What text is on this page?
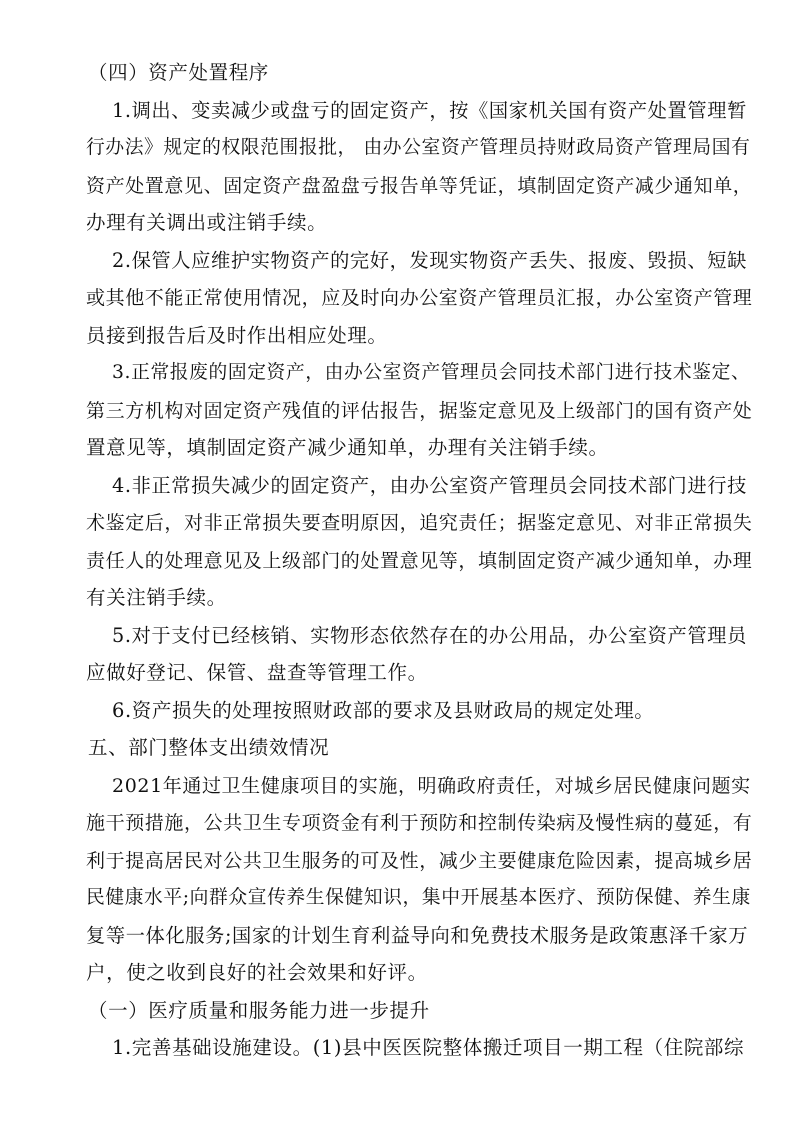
（四）资产处置程序
1.调出、变卖减少或盘亏的固定资产，按《国家机关国有资产处置管理暂
行办法》规定的权限范围报批， 由办公室资产管理员持财政局资产管理局国有
资产处置意见、固定资产盘盈盘亏报告单等凭证，填制固定资产减少通知单，
办理有关调出或注销手续。
2.保管人应维护实物资产的完好，发现实物资产丢失、报废、毁损、短缺
或其他不能正常使用情况，应及时向办公室资产管理员汇报，办公室资产管理
员接到报告后及时作出相应处理。
3.正常报废的固定资产，由办公室资产管理员会同技术部门进行技术鉴定、
第三方机构对固定资产残值的评估报告，据鉴定意见及上级部门的国有资产处
置意见等，填制固定资产减少通知单，办理有关注销手续。
4.非正常损失减少的固定资产，由办公室资产管理员会同技术部门进行技
术鉴定后，对非正常损失要查明原因，追究责任；据鉴定意见、对非正常损失
责任人的处理意见及上级部门的处置意见等，填制固定资产减少通知单，办理
有关注销手续。
5.对于支付已经核销、实物形态依然存在的办公用品，办公室资产管理员
应做好登记、保管、盘查等管理工作。
6.资产损失的处理按照财政部的要求及县财政局的规定处理。
五、部门整体支出绩效情况
2021年通过卫生健康项目的实施，明确政府责任，对城乡居民健康问题实
施干预措施，公共卫生专项资金有利于预防和控制传染病及慢性病的蔓延，有
利于提高居民对公共卫生服务的可及性，减少主要健康危险因素，提高城乡居
民健康水平;向群众宣传养生保健知识，集中开展基本医疗、预防保健、养生康
复等一体化服务;国家的计划生育利益导向和免费技术服务是政策惠泽千家万
户，使之收到良好的社会效果和好评。
（一）医疗质量和服务能力进一步提升
1.完善基础设施建设。(1)县中医医院整体搬迁项目一期工程（住院部综
